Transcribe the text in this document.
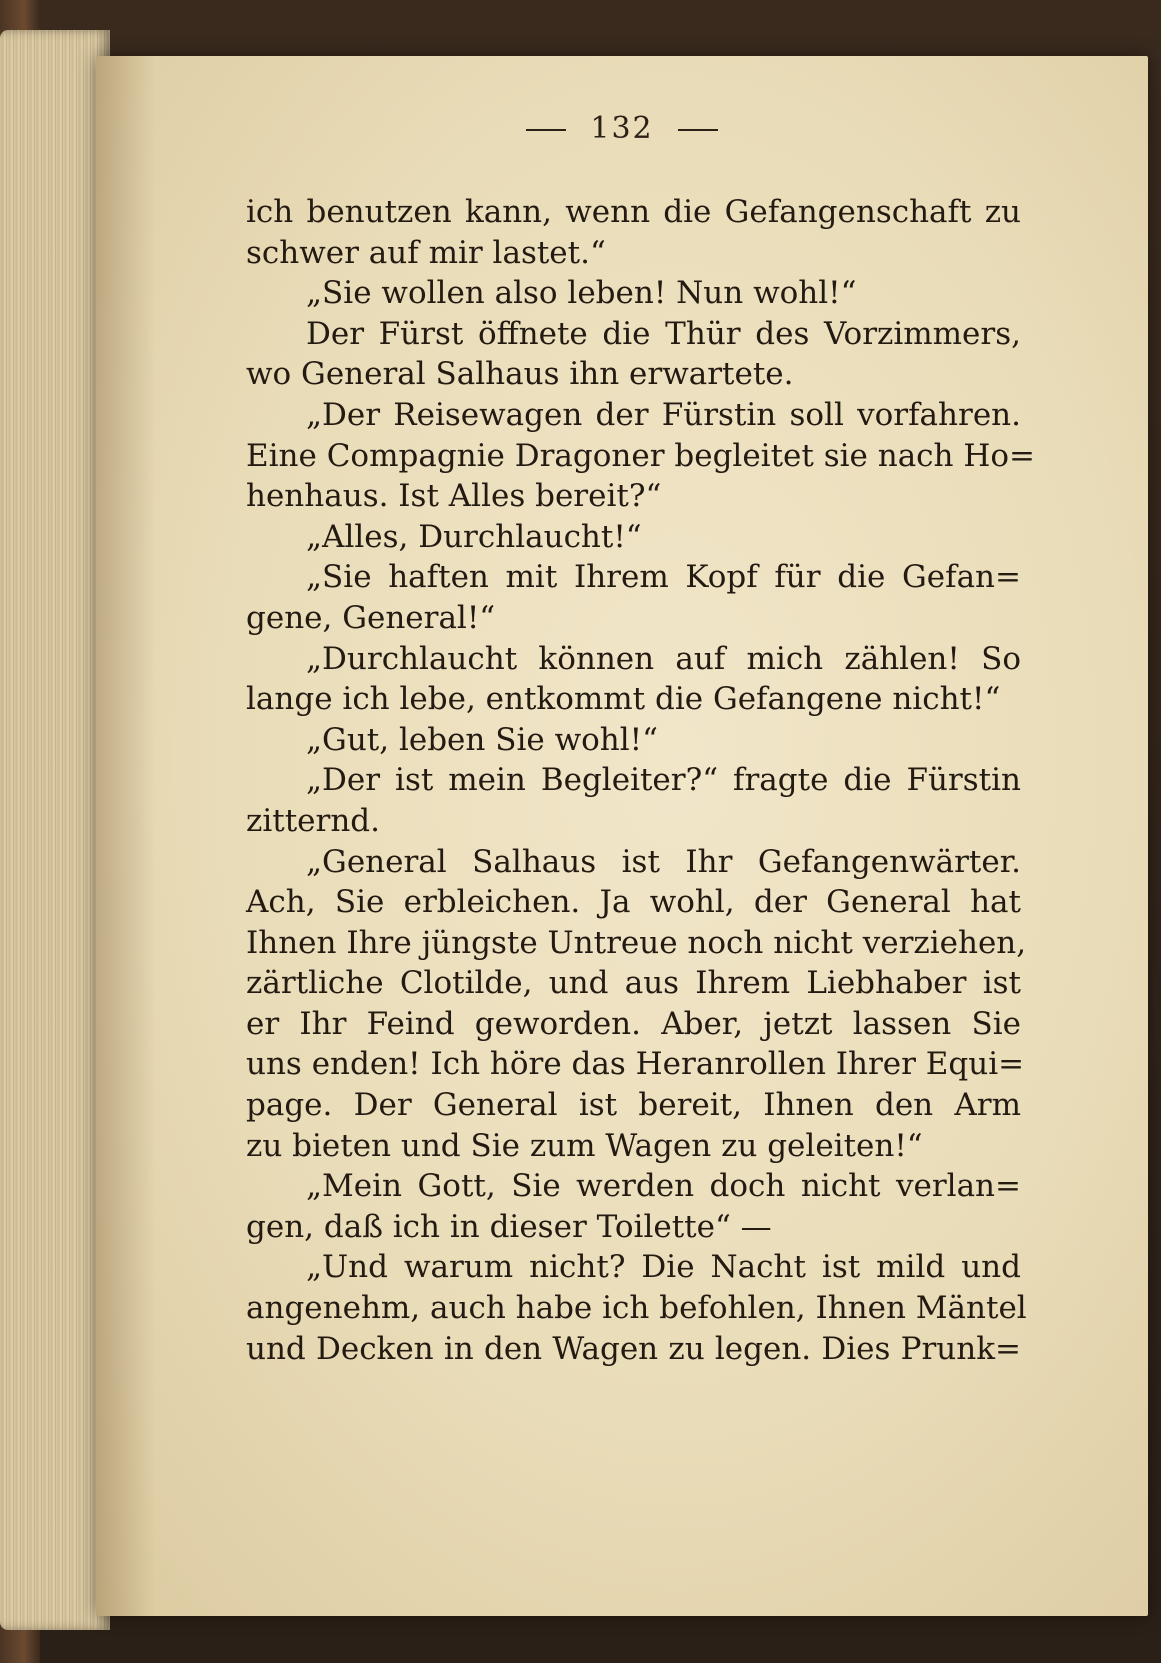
132
ich benutzen kann, wenn die Gefangenschaft zu
schwer auf mir lastet.“
„Sie wollen also leben! Nun wohl!“
Der Fürst öffnete die Thür des Vorzimmers,
wo General Salhaus ihn erwartete.
„Der Reisewagen der Fürstin soll vorfahren.
Eine Compagnie Dragoner begleitet sie nach Ho=
henhaus. Ist Alles bereit?“
„Alles, Durchlaucht!“
„Sie haften mit Ihrem Kopf für die Gefan=
gene, General!“
„Durchlaucht können auf mich zählen! So
lange ich lebe, entkommt die Gefangene nicht!“
„Gut, leben Sie wohl!“
„Der ist mein Begleiter?“ fragte die Fürstin
zitternd.
„General Salhaus ist Ihr Gefangenwärter.
Ach, Sie erbleichen. Ja wohl, der General hat
Ihnen Ihre jüngste Untreue noch nicht verziehen,
zärtliche Clotilde, und aus Ihrem Liebhaber ist
er Ihr Feind geworden. Aber, jetzt lassen Sie
uns enden! Ich höre das Heranrollen Ihrer Equi=
page. Der General ist bereit, Ihnen den Arm
zu bieten und Sie zum Wagen zu geleiten!“
„Mein Gott, Sie werden doch nicht verlan=
gen, daß ich in dieser Toilette“ —
„Und warum nicht? Die Nacht ist mild und
angenehm, auch habe ich befohlen, Ihnen Mäntel
und Decken in den Wagen zu legen. Dies Prunk=
